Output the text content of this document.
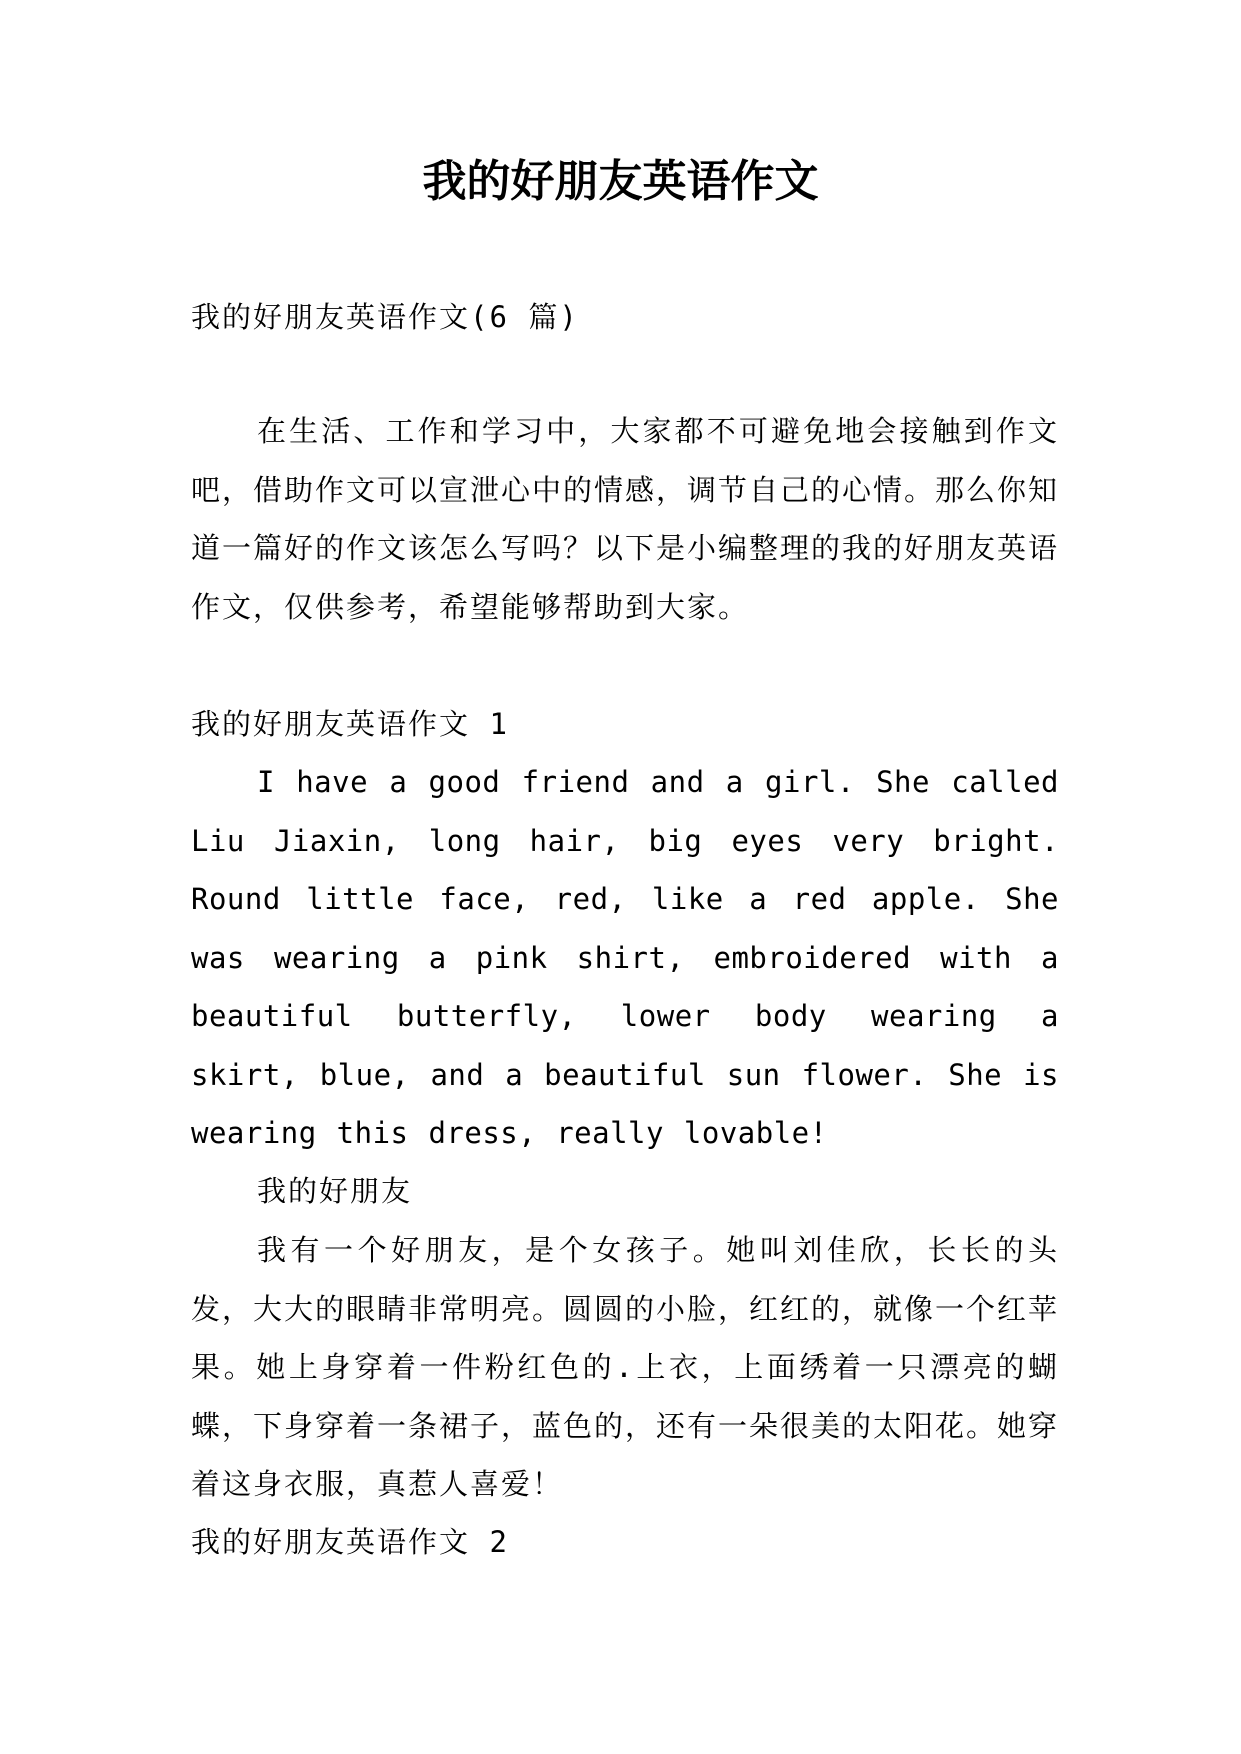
我的好朋友英语作文

我的好朋友英语作文(6 篇)

在生活、工作和学习中，大家都不可避免地会接触到作文吧，借助作文可以宣泄心中的情感，调节自己的心情。那么你知道一篇好的作文该怎么写吗？以下是小编整理的我的好朋友英语作文，仅供参考，希望能够帮助到大家。

我的好朋友英语作文 1

I have a good friend and a girl. She called Liu Jiaxin, long hair, big eyes very bright. Round little face, red, like a red apple. She was wearing a pink shirt, embroidered with a beautiful butterfly, lower body wearing a skirt, blue, and a beautiful sun flower. She is wearing this dress, really lovable!

我的好朋友

我有一个好朋友，是个女孩子。她叫刘佳欣，长长的头发，大大的眼睛非常明亮。圆圆的小脸，红红的，就像一个红苹果。她上身穿着一件粉红色的.上衣，上面绣着一只漂亮的蝴蝶，下身穿着一条裙子，蓝色的，还有一朵很美的太阳花。她穿着这身衣服，真惹人喜爱！

我的好朋友英语作文 2
